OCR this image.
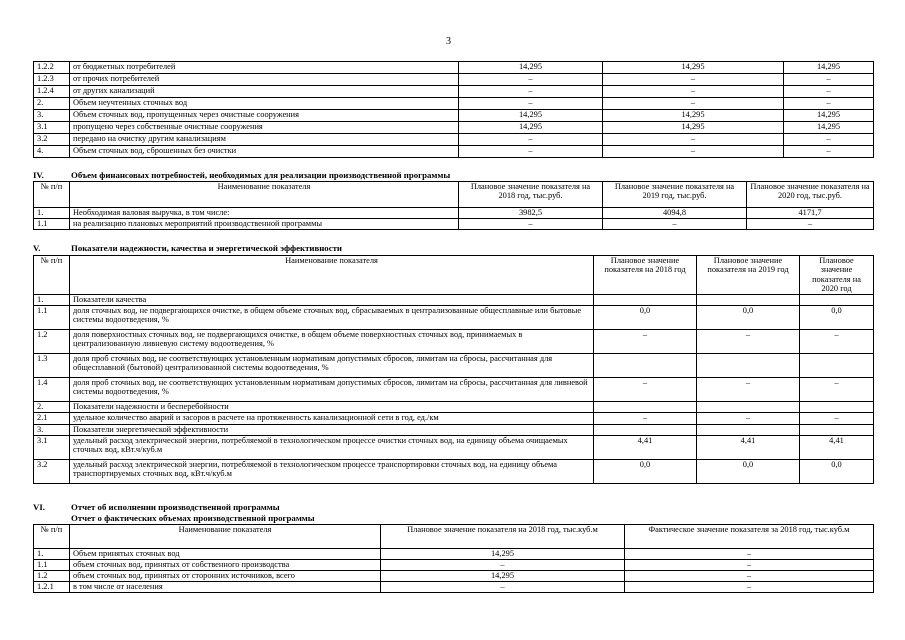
3
1.2.2	от бюджетных потребителей	14,295	14,295	14,295
1.2.3	от прочих потребителей	–	–	–
1.2.4	от других канализаций	–	–	–
2.	Объем неучтенных сточных вод	–	–	–
3.	Объем сточных вод, пропущенных через очистные сооружения	14,295	14,295	14,295
3.1	пропущено через собственные очистные сооружения	14,295	14,295	14,295
3.2	передано на очистку другим канализациям	–	–	–
4.	Объем сточных вод, сброшенных без очистки	–	–	–
IV.	Объем финансовых потребностей, необходимых для реализации производственной программы
№ п/п	Наименование показателя	Плановое значение показателя на 2018 год, тыс.руб.	Плановое значение показателя на 2019 год, тыс.руб.	Плановое значение показателя на 2020 год, тыс.руб.
1.	Необходимая валовая выручка, в том числе:	3982,5	4094,8	4171,7
1.1	на реализацию плановых мероприятий производственной программы	–	–	–
V.	Показатели надежности, качества и энергетической эффективности
№ п/п	Наименование показателя	Плановое значение показателя на 2018 год	Плановое значение показателя на 2019 год	Плановое значение показателя на 2020 год
1.	Показатели качества			
1.1	доля сточных вод, не подвергающихся очистке, в общем объеме сточных вод, сбрасываемых в централизованные общесплавные или бытовые системы водоотведения, %	0,0	0,0	0,0
1.2	доля поверхностных сточных вод, не подвергающихся очистке, в общем объеме поверхностных сточных вод, принимаемых в централизованную ливневую систему водоотведения, %	–	–	–
1.3	доля проб сточных вод, не соответствующих установленным нормативам допустимых сбросов, лимитам на сбросы, рассчитанная для общесплавной (бытовой) централизованной системы водоотведения, %			
1.4	доля проб сточных вод, не соответствующих установленным нормативам допустимых сбросов, лимитам на сбросы, рассчитанная для ливневой системы водоотведения, %	–	–	–
2.	Показатели надежности и бесперебойности			
2.1	удельное количество аварий и засоров в расчете на протяженность канализационной сети в год, ед./км	–	–	–
3.	Показатели энергетической эффективности			
3.1	удельный расход электрической энергии, потребляемой в технологическом процессе очистки сточных вод, на единицу объема очищаемых сточных вод, кВт.ч/куб.м	4,41	4,41	4,41
3.2	удельный расход электрической энергии, потребляемой в технологическом процессе транспортировки сточных вод, на единицу объема транспортируемых сточных вод, кВт.ч/куб.м	0,0	0,0	0,0
VI.	Отчет об исполнении производственной программы
Отчет о фактических объемах производственной программы
№ п/п	Наименование показателя	Плановое значение показателя на 2018 год, тыс.куб.м	Фактическое значение показателя за 2018 год, тыс.куб.м
1.	Объем принятых сточных вод	14,295	–
1.1	объем сточных вод, принятых от собственного производства	–	–
1.2	объем сточных вод, принятых от сторонних источников, всего	14,295	–
1.2.1	в том числе от населения	–	–
